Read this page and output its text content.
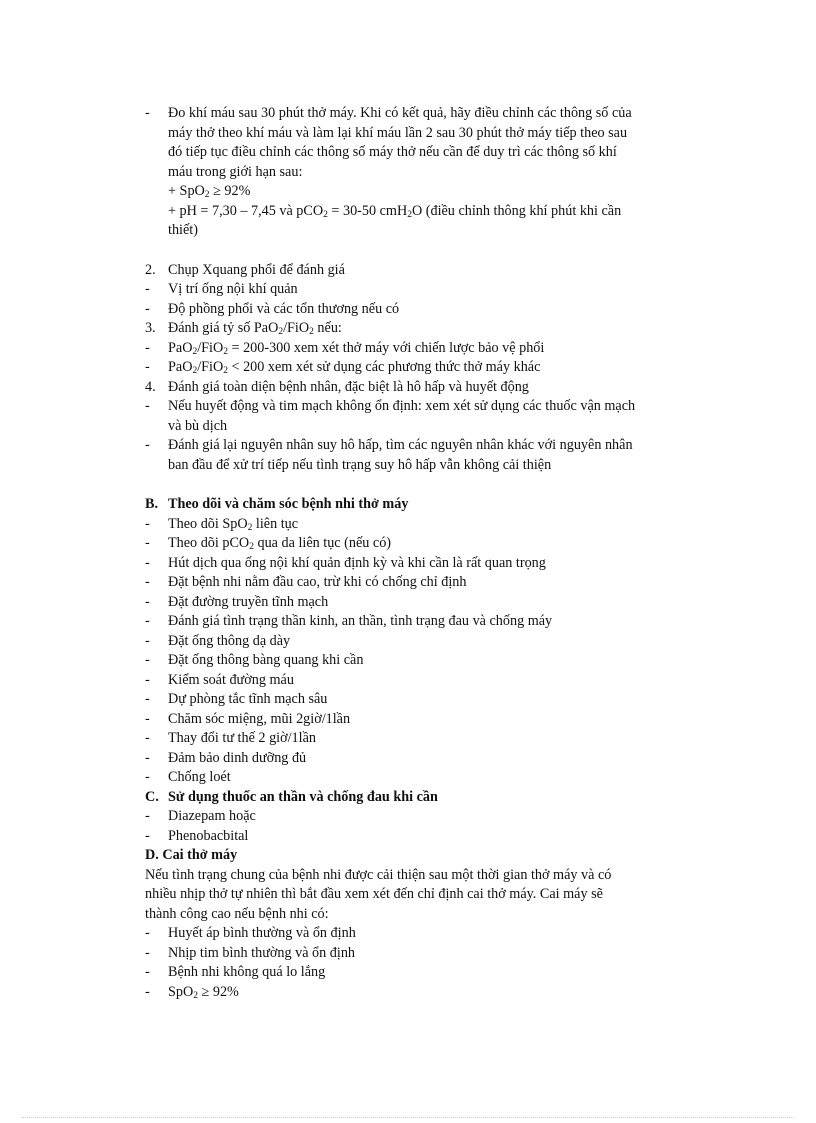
-	Đo khí máu sau 30 phút thở máy. Khi có kết quả, hãy điều chỉnh các thông số của
máy thở theo khí máu và làm lại khí máu lần 2 sau 30 phút thở máy tiếp theo sau
đó tiếp tục điều chỉnh các thông số máy thở nếu cần để duy trì các thông số khí
máu trong giới hạn sau:
+ SpO$_2$ ≥ 92%
+ pH = 7,30 – 7,45 và pCO$_2$ = 30-50 cmH$_2$O (điều chỉnh thông khí phút khi cần
thiết)
2. Chụp Xquang phổi để đánh giá
-	Vị trí ống nội khí quản
-	Độ phồng phổi và các tổn thương nếu có
3. Đánh giá tỷ số PaO$_2$/FiO$_2$ nếu:
-	PaO$_2$/FiO$_2$ = 200-300 xem xét thở máy với chiến lược bảo vệ phổi
-	PaO$_2$/FiO$_2$ < 200 xem xét sử dụng các phương thức thở máy khác
4. Đánh giá toàn diện bệnh nhân, đặc biệt là hô hấp và huyết động
-	Nếu huyết động và tim mạch không ổn định: xem xét sử dụng các thuốc vận mạch
và bù dịch
-	Đánh giá lại nguyên nhân suy hô hấp, tìm các nguyên nhân khác với nguyên nhân
ban đầu để xử trí tiếp nếu tình trạng suy hô hấp vẫn không cải thiện
B. Theo dõi và chăm sóc bệnh nhi thở máy
-	Theo dõi SpO$_2$ liên tục
-	Theo dõi pCO$_2$ qua da liên tục (nếu có)
-	Hút dịch qua ống nội khí quản định kỳ và khi cần là rất quan trọng
-	Đặt bệnh nhi nằm đầu cao, trừ khi có chống chỉ định
-	Đặt đường truyền tĩnh mạch
-	Đánh giá tình trạng thần kinh, an thần, tình trạng đau và chống máy
-	Đặt ống thông dạ dày
-	Đặt ống thông bàng quang khi cần
-	Kiểm soát đường máu
-	Dự phòng tắc tĩnh mạch sâu
-	Chăm sóc miệng, mũi 2giờ/1lần
-	Thay đổi tư thế 2 giờ/1lần
-	Đảm bảo dinh dưỡng đủ
-	Chống loét
C. Sử dụng thuốc an thần và chống đau khi cần
-	Diazepam hoặc
-	Phenobacbital
D. Cai thở máy
Nếu tình trạng chung của bệnh nhi được cải thiện sau một thời gian thở máy và có
nhiều nhịp thở tự nhiên thì bắt đầu xem xét đến chỉ định cai thở máy. Cai máy sẽ
thành công cao nếu bệnh nhi có:
-	Huyết áp bình thường và ổn định
-	Nhịp tim bình thường và ổn định
-	Bệnh nhi không quá lo lắng
-	SpO$_2$ ≥ 92%
